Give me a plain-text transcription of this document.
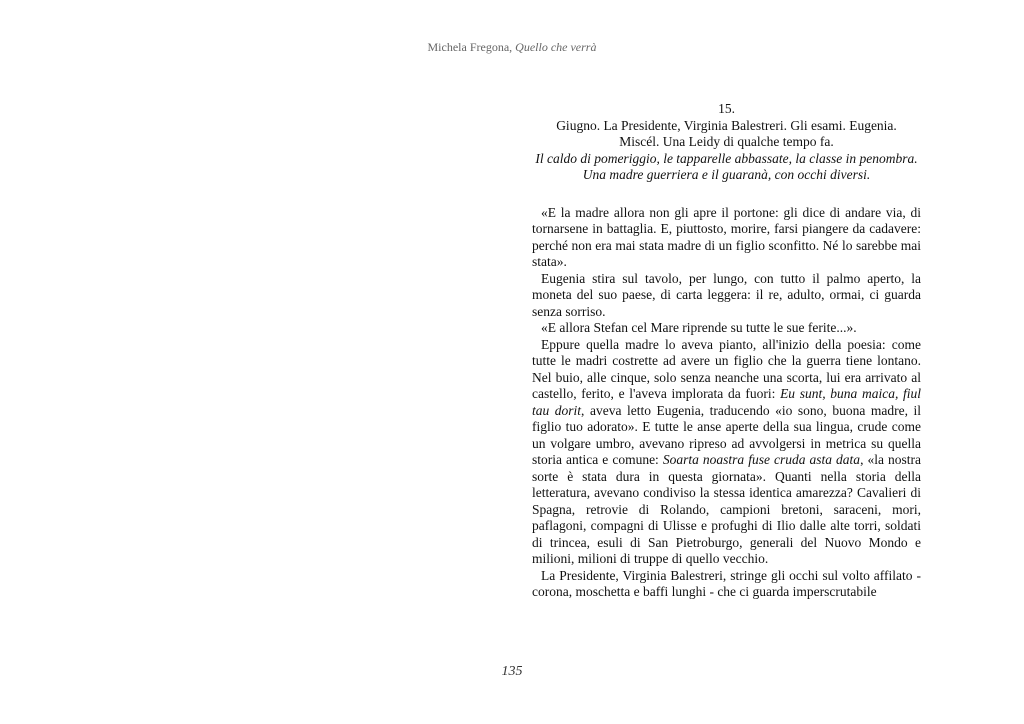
Michela Fregona, Quello che verrà
15.
Giugno. La Presidente, Virginia Balestreri. Gli esami. Eugenia.
Miscél. Una Leidy di qualche tempo fa.
Il caldo di pomeriggio, le tapparelle abbassate, la classe in penombra. Una madre guerriera e il guaranà, con occhi diversi.

«E la madre allora non gli apre il portone: gli dice di andare via, di tornarsene in battaglia. E, piuttosto, morire, farsi piangere da cadavere: perché non era mai stata madre di un figlio sconfitto. Né lo sarebbe mai stata».

Eugenia stira sul tavolo, per lungo, con tutto il palmo aperto, la moneta del suo paese, di carta leggera: il re, adulto, ormai, ci guarda senza sorriso.

«E allora Stefan cel Mare riprende su tutte le sue ferite...».

Eppure quella madre lo aveva pianto, all'inizio della poesia: come tutte le madri costrette ad avere un figlio che la guerra tiene lontano. Nel buio, alle cinque, solo senza neanche una scorta, lui era arrivato al castello, ferito, e l'aveva implorata da fuori: Eu sunt, buna maica, fiul tau dorit, aveva letto Eugenia, traducendo «io sono, buona madre, il figlio tuo adorato». E tutte le anse aperte della sua lingua, crude come un volgare umbro, avevano ripreso ad avvolgersi in metrica su quella storia antica e comune: Soarta noastra fuse cruda asta data, «la nostra sorte è stata dura in questa giornata». Quanti nella storia della letteratura, avevano condiviso la stessa identica amarezza? Cavalieri di Spagna, retrovie di Rolando, campioni bretoni, saraceni, mori, paflagoni, compagni di Ulisse e profughi di Ilio dalle alte torri, soldati di trincea, esuli di San Pietroburgo, generali del Nuovo Mondo e milioni, milioni di truppe di quello vecchio.

La Presidente, Virginia Balestreri, stringe gli occhi sul volto affilato - corona, moschetta e baffi lunghi - che ci guarda imperscrutabile

135
